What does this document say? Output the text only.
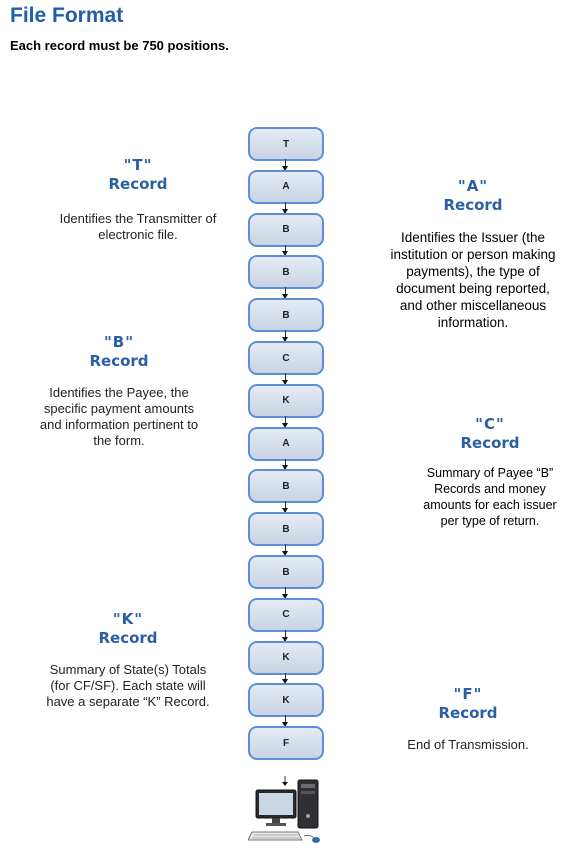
File Format
Each record must be 750 positions.
T
A
B
B
B
C
K
A
B
B
B
C
K
K
F
"T"
Record
Identifies the Transmitter of
electronic file.
"A"
Record
Identifies the Issuer (the
institution or person making
payments), the type of
document being reported,
and other miscellaneous
information.
"B"
Record
Identifies the Payee, the
specific payment amounts
and information pertinent to
the form.
"C"
Record
Summary of Payee “B”
Records and money
amounts for each issuer
per type of return.
"K"
Record
Summary of State(s) Totals
(for CF/SF). Each state will
have a separate “K” Record.	"F"
Record
End of Transmission.
